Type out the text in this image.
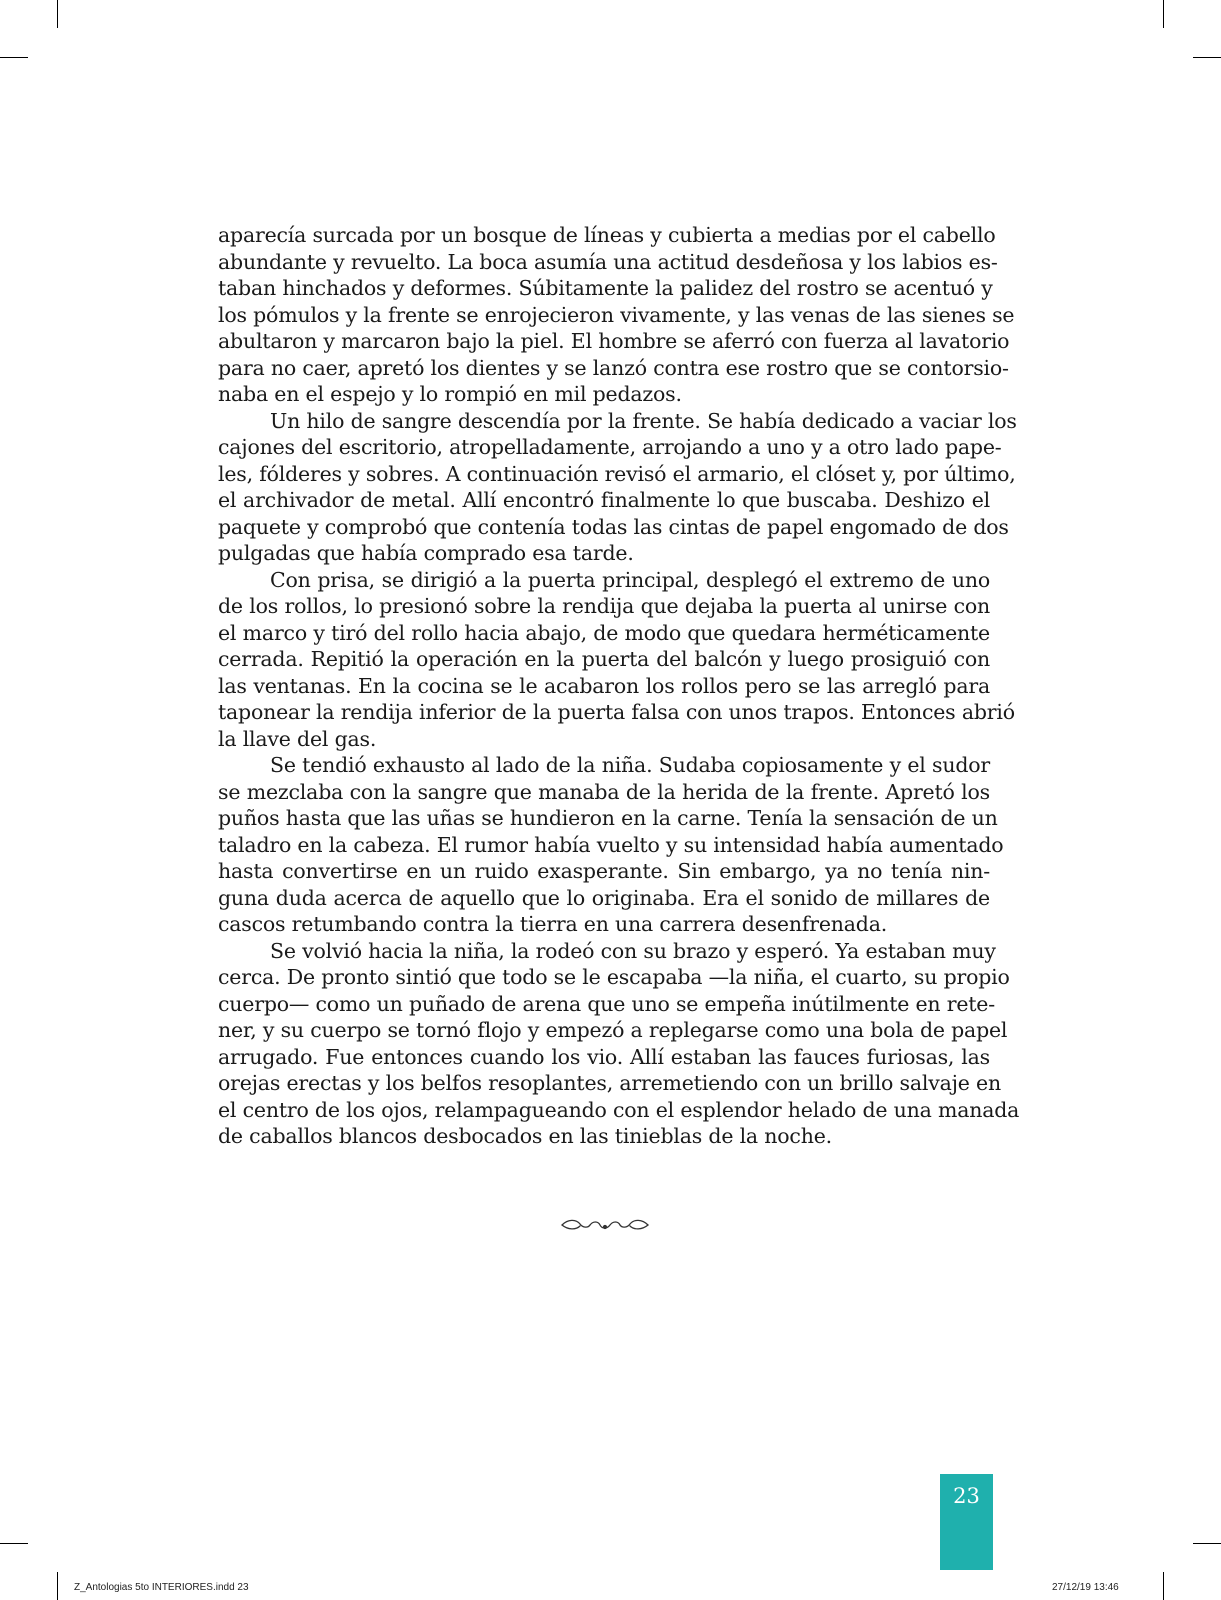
aparecía surcada por un bosque de líneas y cubierta a medias por el cabello
abundante y revuelto. La boca asumía una actitud desdeñosa y los labios es-
taban hinchados y deformes. Súbitamente la palidez del rostro se acentuó y
los pómulos y la frente se enrojecieron vivamente, y las venas de las sienes se
abultaron y marcaron bajo la piel. El hombre se aferró con fuerza al lavatorio
para no caer, apretó los dientes y se lanzó contra ese rostro que se contorsio-
naba en el espejo y lo rompió en mil pedazos.
Un hilo de sangre descendía por la frente. Se había dedicado a vaciar los
cajones del escritorio, atropelladamente, arrojando a uno y a otro lado pape-
les, fólderes y sobres. A continuación revisó el armario, el clóset y, por último,
el archivador de metal. Allí encontró finalmente lo que buscaba. Deshizo el
paquete y comprobó que contenía todas las cintas de papel engomado de dos
pulgadas que había comprado esa tarde.
Con prisa, se dirigió a la puerta principal, desplegó el extremo de uno
de los rollos, lo presionó sobre la rendija que dejaba la puerta al unirse con
el marco y tiró del rollo hacia abajo, de modo que quedara herméticamente
cerrada. Repitió la operación en la puerta del balcón y luego prosiguió con
las ventanas. En la cocina se le acabaron los rollos pero se las arregló para
taponear la rendija inferior de la puerta falsa con unos trapos. Entonces abrió
la llave del gas.
Se tendió exhausto al lado de la niña. Sudaba copiosamente y el sudor
se mezclaba con la sangre que manaba de la herida de la frente. Apretó los
puños hasta que las uñas se hundieron en la carne. Tenía la sensación de un
taladro en la cabeza. El rumor había vuelto y su intensidad había aumentado
hasta convertirse en un ruido exasperante. Sin embargo, ya no tenía nin-
guna duda acerca de aquello que lo originaba. Era el sonido de millares de
cascos retumbando contra la tierra en una carrera desenfrenada.
Se volvió hacia la niña, la rodeó con su brazo y esperó. Ya estaban muy
cerca. De pronto sintió que todo se le escapaba —la niña, el cuarto, su propio
cuerpo— como un puñado de arena que uno se empeña inútilmente en rete-
ner, y su cuerpo se tornó flojo y empezó a replegarse como una bola de papel
arrugado. Fue entonces cuando los vio. Allí estaban las fauces furiosas, las
orejas erectas y los belfos resoplantes, arremetiendo con un brillo salvaje en
el centro de los ojos, relampagueando con el esplendor helado de una manada
de caballos blancos desbocados en las tinieblas de la noche.
23
Z_Antologias 5to INTERIORES.indd 23	27/12/19 13:46
